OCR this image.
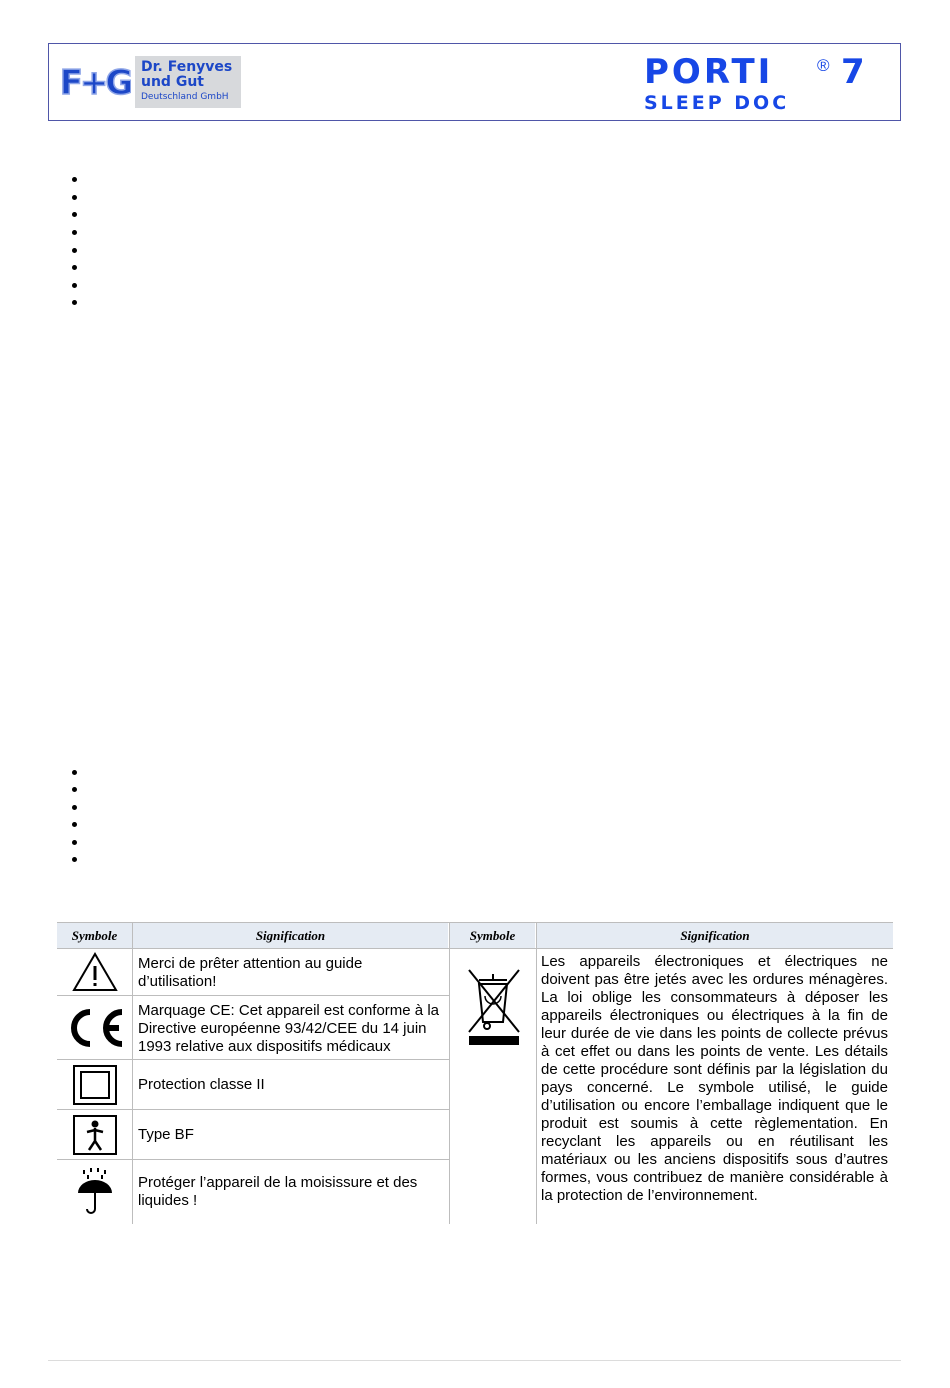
F+G Dr. Fenyves
und Gut
Deutschland GmbH
PORTI	® 7
SLEEP DOC
Symbole	Signification	Symbole	Signification
Merci de prêter attention au guide d’utilisation!
Marquage CE: Cet appareil est conforme à la Directive européenne 93/42/CEE du 14 juin 1993 relative aux dispositifs médicaux
Protection classe II
Type BF
Protéger l’appareil de la moisissure et des liquides !
Les appareils électroniques et électriques ne doivent pas être jetés avec les ordures ménagères. La loi oblige les consommateurs à déposer les appareils électroniques ou électriques à la fin de leur durée de vie dans les points de collecte prévus à cet effet ou dans les points de vente. Les détails de cette procédure sont définis par la législation du pays concerné. Le symbole utilisé, le guide d’utilisation ou encore l’emballage indiquent que le produit est soumis à cette règlementation. En recyclant les appareils ou en réutilisant les matériaux ou les anciens dispositifs sous d’autres formes, vous contribuez de manière considérable à la protection de l’environnement.
